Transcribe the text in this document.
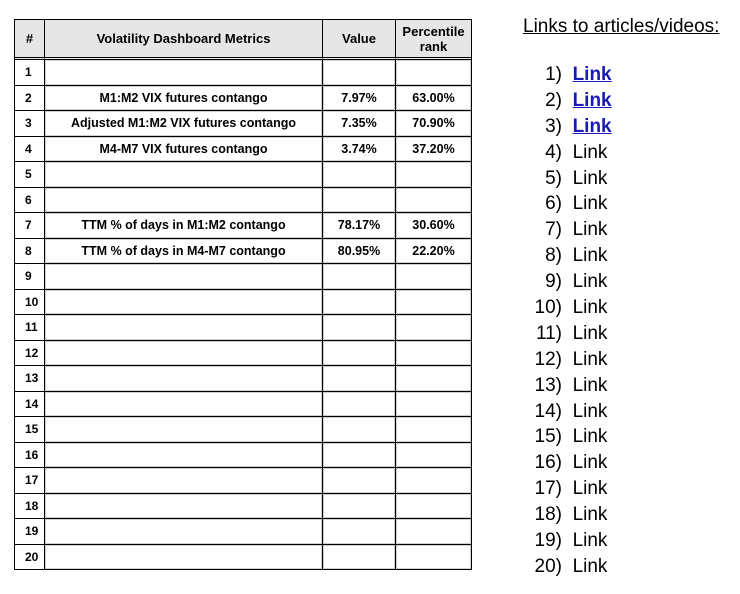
#	Volatility Dashboard Metrics	Value	Percentile rank
1			
2	M1:M2 VIX futures contango	7.97%	63.00%
3	Adjusted M1:M2 VIX futures contango	7.35%	70.90%
4	M4-M7 VIX futures contango	3.74%	37.20%
5			
6			
7	TTM % of days in M1:M2 contango	78.17%	30.60%
8	TTM % of days in M4-M7 contango	80.95%	22.20%
9			
10			
11			
12			
13			
14			
15			
16			
17			
18			
19			
20			
Links to articles/videos:
1) Link
2) Link
3) Link
4) Link
5) Link
6) Link
7) Link
8) Link
9) Link
10) Link
11) Link
12) Link
13) Link
14) Link
15) Link
16) Link
17) Link
18) Link
19) Link
20) Link
